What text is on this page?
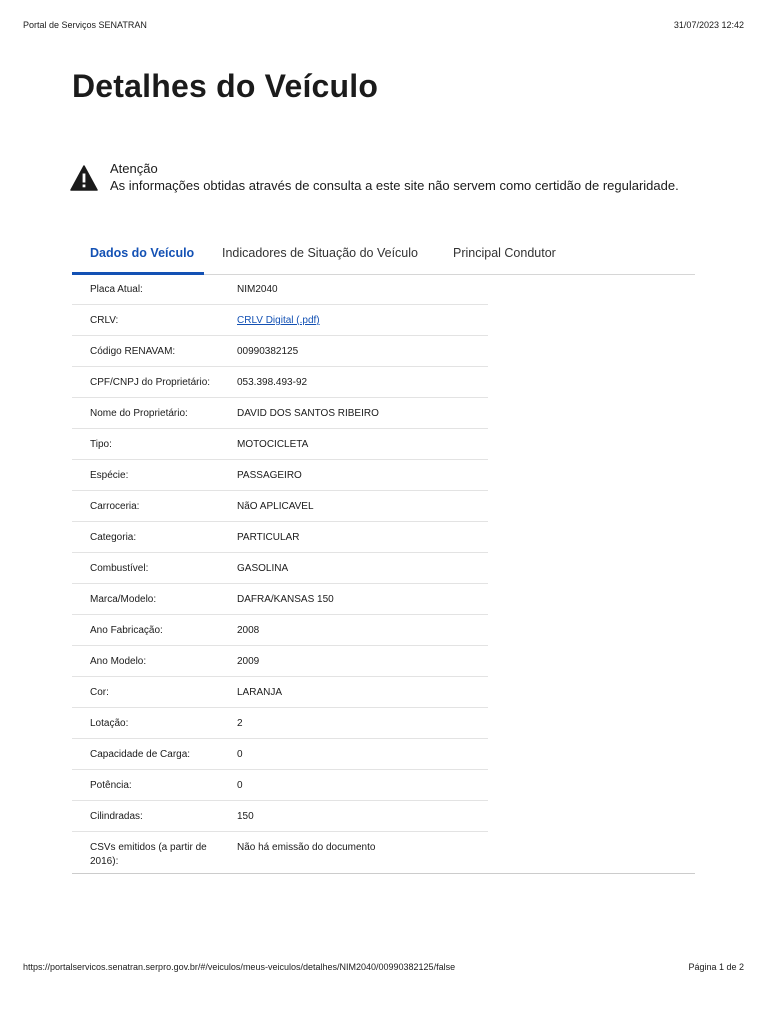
Portal de Serviços SENATRAN	31/07/2023 12:42
Detalhes do Veículo
Atenção
As informações obtidas através de consulta a este site não servem como certidão de regularidade.
Dados do Veículo Indicadores de Situação do Veículo	Principal Condutor
Placa Atual:	NIM2040
CRLV:	CRLV Digital (.pdf)
Código RENAVAM:	00990382125
CPF/CNPJ do Proprietário:	053.398.493-92
Nome do Proprietário:	DAVID DOS SANTOS RIBEIRO
Tipo:	MOTOCICLETA
Espécie:	PASSAGEIRO
Carroceria:	NãO APLICAVEL
Categoria:	PARTICULAR
Combustível:	GASOLINA
Marca/Modelo:	DAFRA/KANSAS 150
Ano Fabricação:	2008
Ano Modelo:	2009
Cor:	LARANJA
Lotação:	2
Capacidade de Carga:	0
Potência:	0
Cilindradas:	150
CSVs emitidos (a partir de 2016):
Não há emissão do documento
https://portalservicos.senatran.serpro.gov.br/#/veiculos/meus-veiculos/detalhes/NIM2040/00990382125/false	Página 1 de 2
